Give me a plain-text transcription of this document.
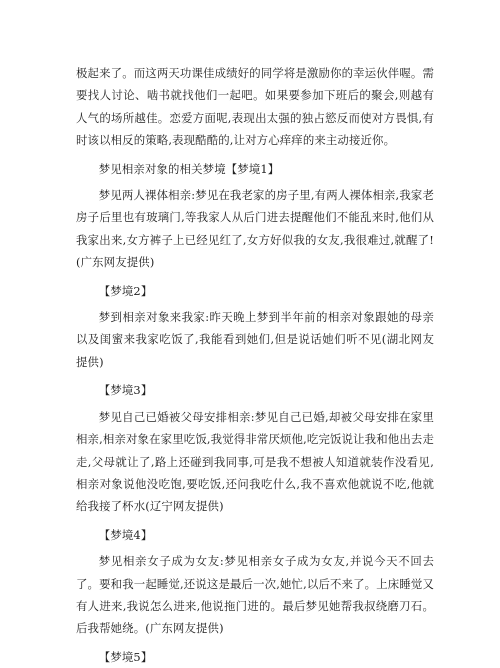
极起来了。而这两天功课佳成绩好的同学将是激励你的幸运伙伴喔。需要找人讨论、啮书就找他们一起吧。如果要参加下班后的聚会,则越有人气的场所越佳。恋爱方面呢,表现出太强的独占慾反而使对方畏惧,有时该以相反的策略,表现酷酷的,让对方心痒痒的来主动接近你。

梦见相亲对象的相关梦境【梦境1】

梦见两人裸体相亲:梦见在我老家的房子里,有两人裸体相亲,我家老房子后里也有玻璃门,等我家人从后门进去提醒他们不能乱来时,他们从我家出来,女方裤子上已经见红了,女方好似我的女友,我很难过,就醒了!(广东网友提供)

【梦境2】

梦到相亲对象来我家:昨天晚上梦到半年前的相亲对象跟她的母亲以及闺蜜来我家吃饭了,我能看到她们,但是说话她们听不见(湖北网友提供)

【梦境3】

梦见自己已婚被父母安排相亲:梦见自己已婚,却被父母安排在家里相亲,相亲对象在家里吃饭,我觉得非常厌烦他,吃完饭说让我和他出去走走,父母就让了,路上还碰到我同事,可是我不想被人知道就装作没看见,相亲对象说他没吃饱,要吃饭,还问我吃什么,我不喜欢他就说不吃,他就给我接了杯水(辽宁网友提供)

【梦境4】

梦见相亲女子成为女友:梦见相亲女子成为女友,并说今天不回去了。要和我一起睡觉,还说这是最后一次,她忙,以后不来了。上床睡觉又有人进来,我说怎么进来,他说拖门进的。最后梦见她帮我叔绕磨刀石。后我帮她绕。(广东网友提供)

【梦境5】
